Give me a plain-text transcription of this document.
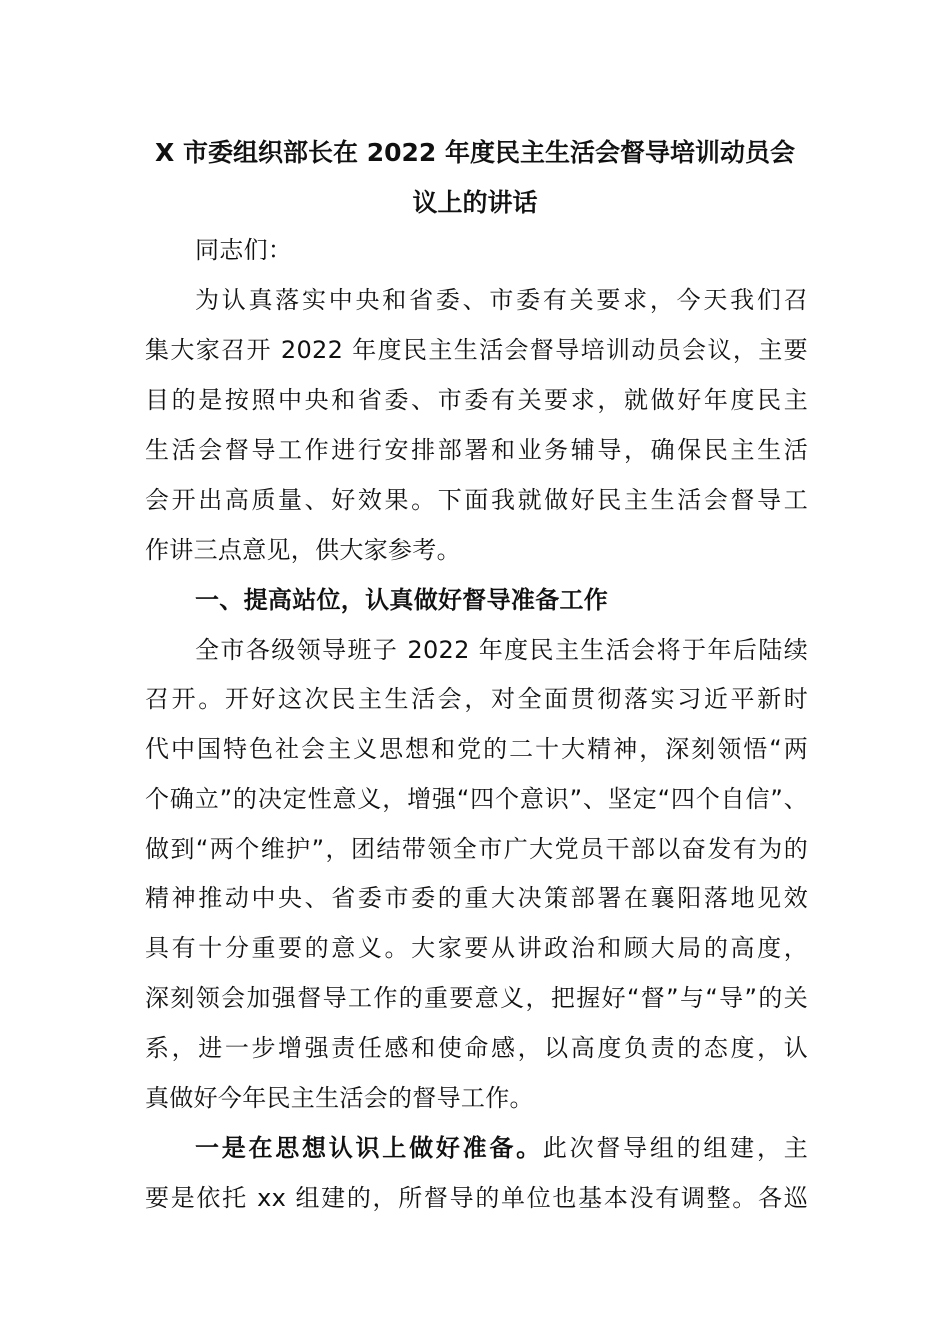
X 市委组织部长在 2022 年度民主生活会督导培训动员会
议上的讲话
同志们：
为认真落实中央和省委、市委有关要求，今天我们召
集大家召开 2022 年度民主生活会督导培训动员会议，主要
目的是按照中央和省委、市委有关要求，就做好年度民主
生活会督导工作进行安排部署和业务辅导，确保民主生活
会开出高质量、好效果。下面我就做好民主生活会督导工
作讲三点意见，供大家参考。
一、提高站位，认真做好督导准备工作
全市各级领导班子 2022 年度民主生活会将于年后陆续
召开。开好这次民主生活会，对全面贯彻落实习近平新时
代中国特色社会主义思想和党的二十大精神，深刻领悟“两
个确立”的决定性意义，增强“四个意识”、坚定“四个自信”、
做到“两个维护”，团结带领全市广大党员干部以奋发有为的
精神推动中央、省委市委的重大决策部署在襄阳落地见效
具有十分重要的意义。大家要从讲政治和顾大局的高度，
深刻领会加强督导工作的重要意义，把握好“督”与“导”的关
系，进一步增强责任感和使命感，以高度负责的态度，认
真做好今年民主生活会的督导工作。
一是在思想认识上做好准备。此次督导组的组建，主
要是依托 xx 组建的，所督导的单位也基本没有调整。各巡
